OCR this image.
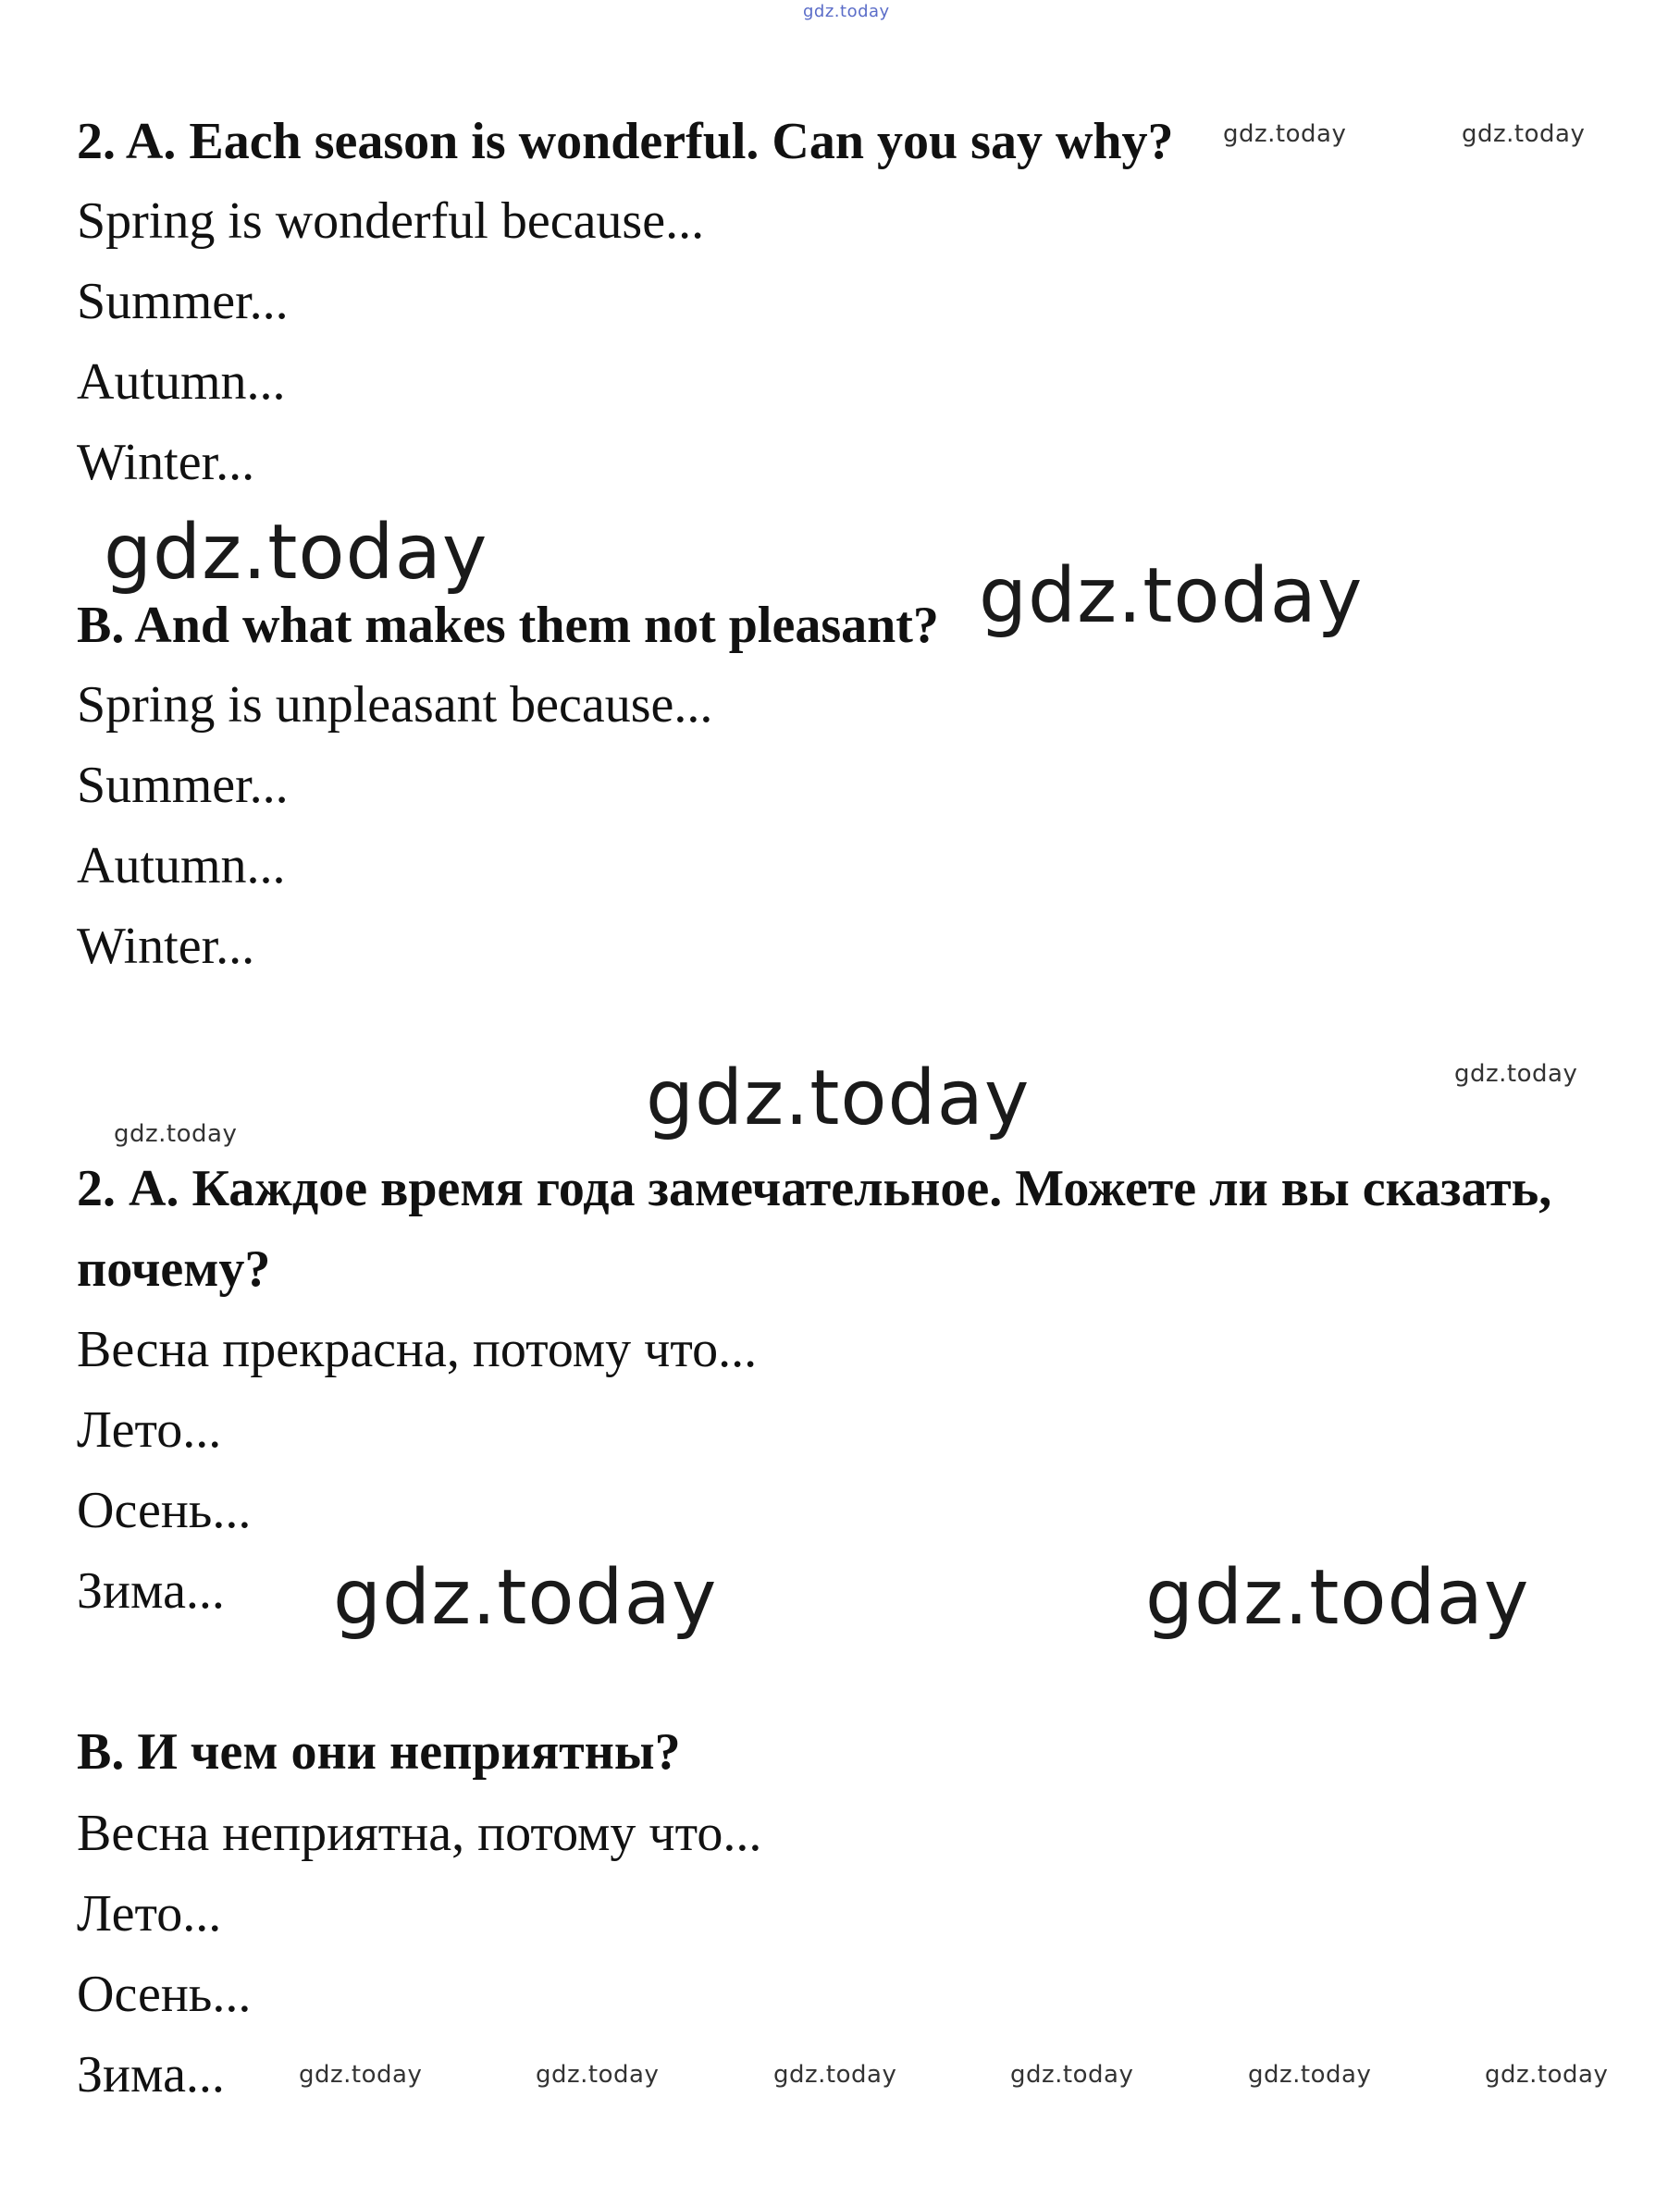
gdz.today

2. A. Each season is wonderful. Can you say why? gdz.today	gdz.today

Spring is wonderful because...

Summer...

Autumn...

Winter...

gdz.today

B. And what makes them not pleasant? gdz.today

Spring is unpleasant because...

Summer...

Autumn...

Winter...

gdz.today
gdz.today
gdz.today

2. А. Каждое время года замечательное. Можете ли вы сказать,

почему?

Весна прекрасна, потому что...

Лето...

Осень...

Зима... gdz.today	gdz.today

В. И чем они неприятны?

Весна неприятна, потому что...

Лето...

Осень...

Зима...	gdz.today	gdz.today	gdz.today	gdz.today	gdz.today	gdz.today
